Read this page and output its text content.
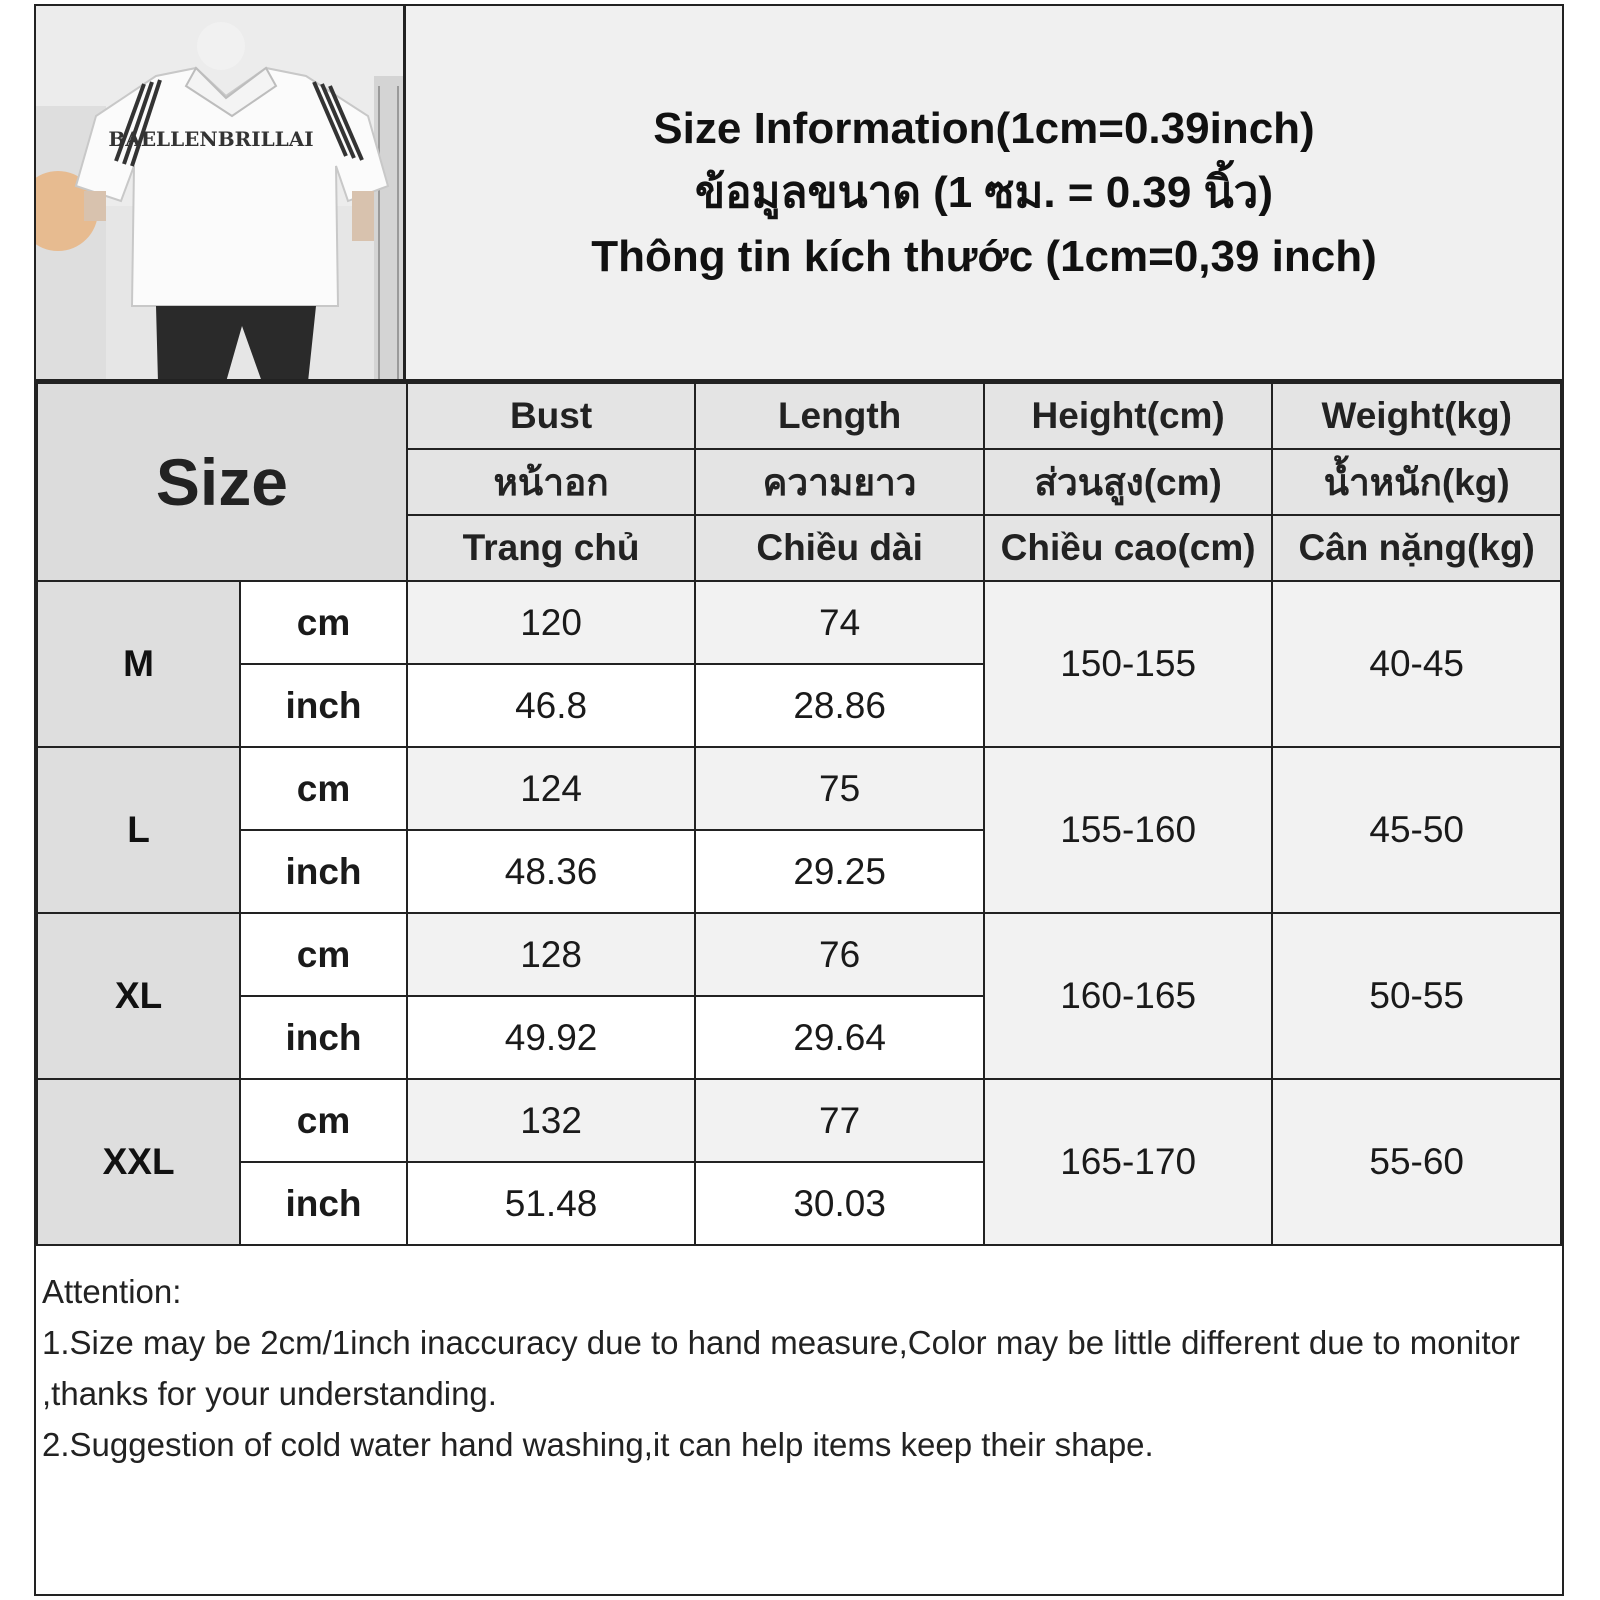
BAELLENBRILLAI	Size Information(1cm=0.39inch)
ข้อมูลขนาด (1 ซม. = 0.39 นิ้ว)
Thông tin kích thước (1cm=0,39 inch)
Size		Bust	Length	Height(cm)	Weight(kg)
		หน้าอก	ความยาว	ส่วนสูง(cm)	น้ำหนัก(kg)
		Trang chủ	Chiều dài	Chiều cao(cm)	Cân nặng(kg)
M	cm	120	74	150-155	40-45
	inch	46.8	28.86		
L	cm	124	75	155-160	45-50
	inch	48.36	29.25		
XL	cm	128	76	160-165	50-55
	inch	49.92	29.64		
XXL	cm	132	77	165-170	55-60
	inch	51.48	30.03		

Attention:

1.Size may be 2cm/1inch inaccuracy due to hand measure,Color may be little different due to monitor ,thanks for your understanding.

2.Suggestion of cold water hand washing,it can help items keep their shape.
